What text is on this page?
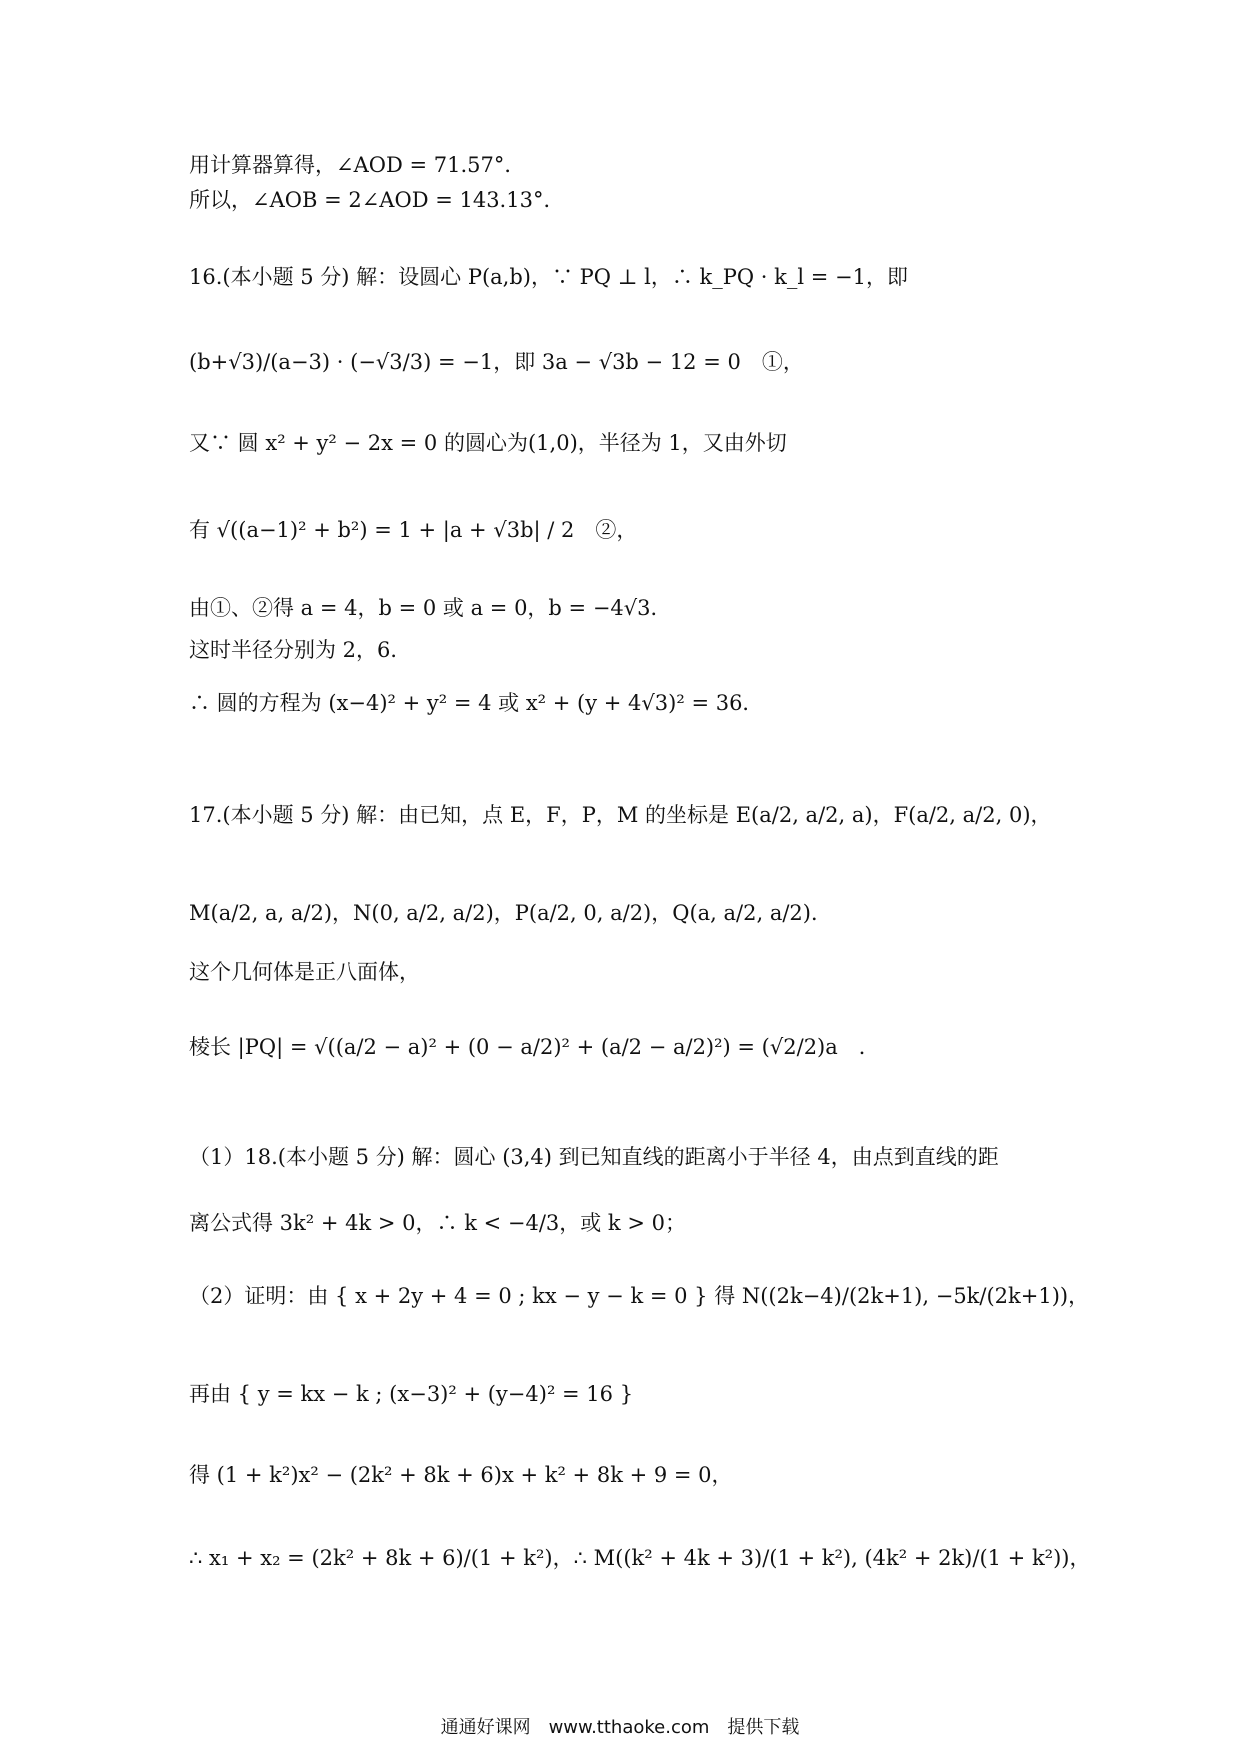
用计算器算得，∠AOD = 71.57°．
所以，∠AOB = 2∠AOD = 143.13°．
16.(本小题 5 分) 解：设圆心 P(a,b)，∵ PQ ⊥ l，∴ k_PQ · k_l = −1，即
(b+√3)/(a−3) · (−√3/3) = −1，即 3a − √3b − 12 = 0　①，
又∵ 圆 x² + y² − 2x = 0 的圆心为(1,0)，半径为 1，又由外切
有 √((a−1)² + b²) = 1 + |a + √3b| / 2　②，
由①、②得 a = 4，b = 0 或 a = 0，b = −4√3．
这时半径分别为 2，6．
∴ 圆的方程为 (x−4)² + y² = 4 或 x² + (y + 4√3)² = 36．
17.(本小题 5 分) 解：由已知，点 E，F，P，M 的坐标是 E(a/2, a/2, a)，F(a/2, a/2, 0)，
M(a/2, a, a/2)，N(0, a/2, a/2)，P(a/2, 0, a/2)，Q(a, a/2, a/2)．
这个几何体是正八面体，
棱长 |PQ| = √((a/2 − a)² + (0 − a/2)² + (a/2 − a/2)²) = (√2/2)a　．
（1）18.(本小题 5 分) 解：圆心 (3,4) 到已知直线的距离小于半径 4，由点到直线的距
离公式得 3k² + 4k > 0，∴ k < −4/3，或 k > 0；
（2）证明：由 { x + 2y + 4 = 0 ; kx − y − k = 0 } 得 N((2k−4)/(2k+1), −5k/(2k+1))，
再由 { y = kx − k ; (x−3)² + (y−4)² = 16 }
得 (1 + k²)x² − (2k² + 8k + 6)x + k² + 8k + 9 = 0，
∴ x₁ + x₂ = (2k² + 8k + 6)/(1 + k²)，∴ M((k² + 4k + 3)/(1 + k²), (4k² + 2k)/(1 + k²))，
通通好课网　www.tthaoke.com　提供下载
